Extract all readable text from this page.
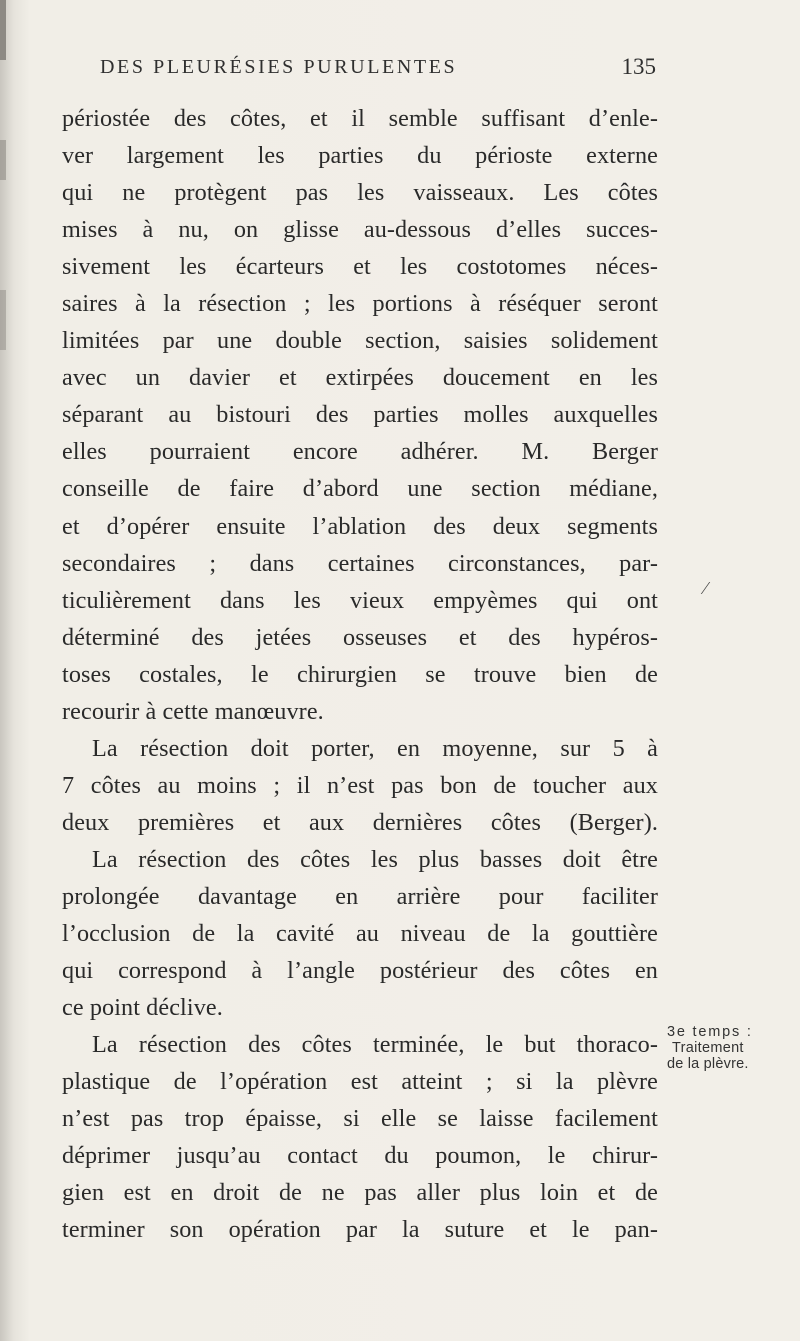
DES PLEURÉSIES PURULENTES	135
périostée des côtes, et il semble suffisant d’enle-
ver largement les parties du périoste externe
qui ne protègent pas les vaisseaux. Les côtes
mises à nu, on glisse au-dessous d’elles succes-
sivement les écarteurs et les costotomes néces-
saires à la résection ; les portions à réséquer seront
limitées par une double section, saisies solidement
avec un davier et extirpées doucement en les
séparant au bistouri des parties molles auxquelles
elles pourraient encore adhérer. M. Berger
conseille de faire d’abord une section médiane,
et d’opérer ensuite l’ablation des deux segments
secondaires ; dans certaines circonstances, par-
ticulièrement dans les vieux empyèmes qui ont
déterminé des jetées osseuses et des hypéros-
toses costales, le chirurgien se trouve bien de
recourir à cette manœuvre.
La résection doit porter, en moyenne, sur 5 à
7 côtes au moins ; il n’est pas bon de toucher aux
deux premières et aux dernières côtes (Berger).
La résection des côtes les plus basses doit être
prolongée davantage en arrière pour faciliter
l’occlusion de la cavité au niveau de la gouttière
qui correspond à l’angle postérieur des côtes en
ce point déclive.
La résection des côtes terminée, le but thoraco-
plastique de l’opération est atteint ; si la plèvre
n’est pas trop épaisse, si elle se laisse facilement
déprimer jusqu’au contact du poumon, le chirur-
gien est en droit de ne pas aller plus loin et de
terminer son opération par la suture et le pan-
⁄
3e temps :
Traitement
de la plèvre.
